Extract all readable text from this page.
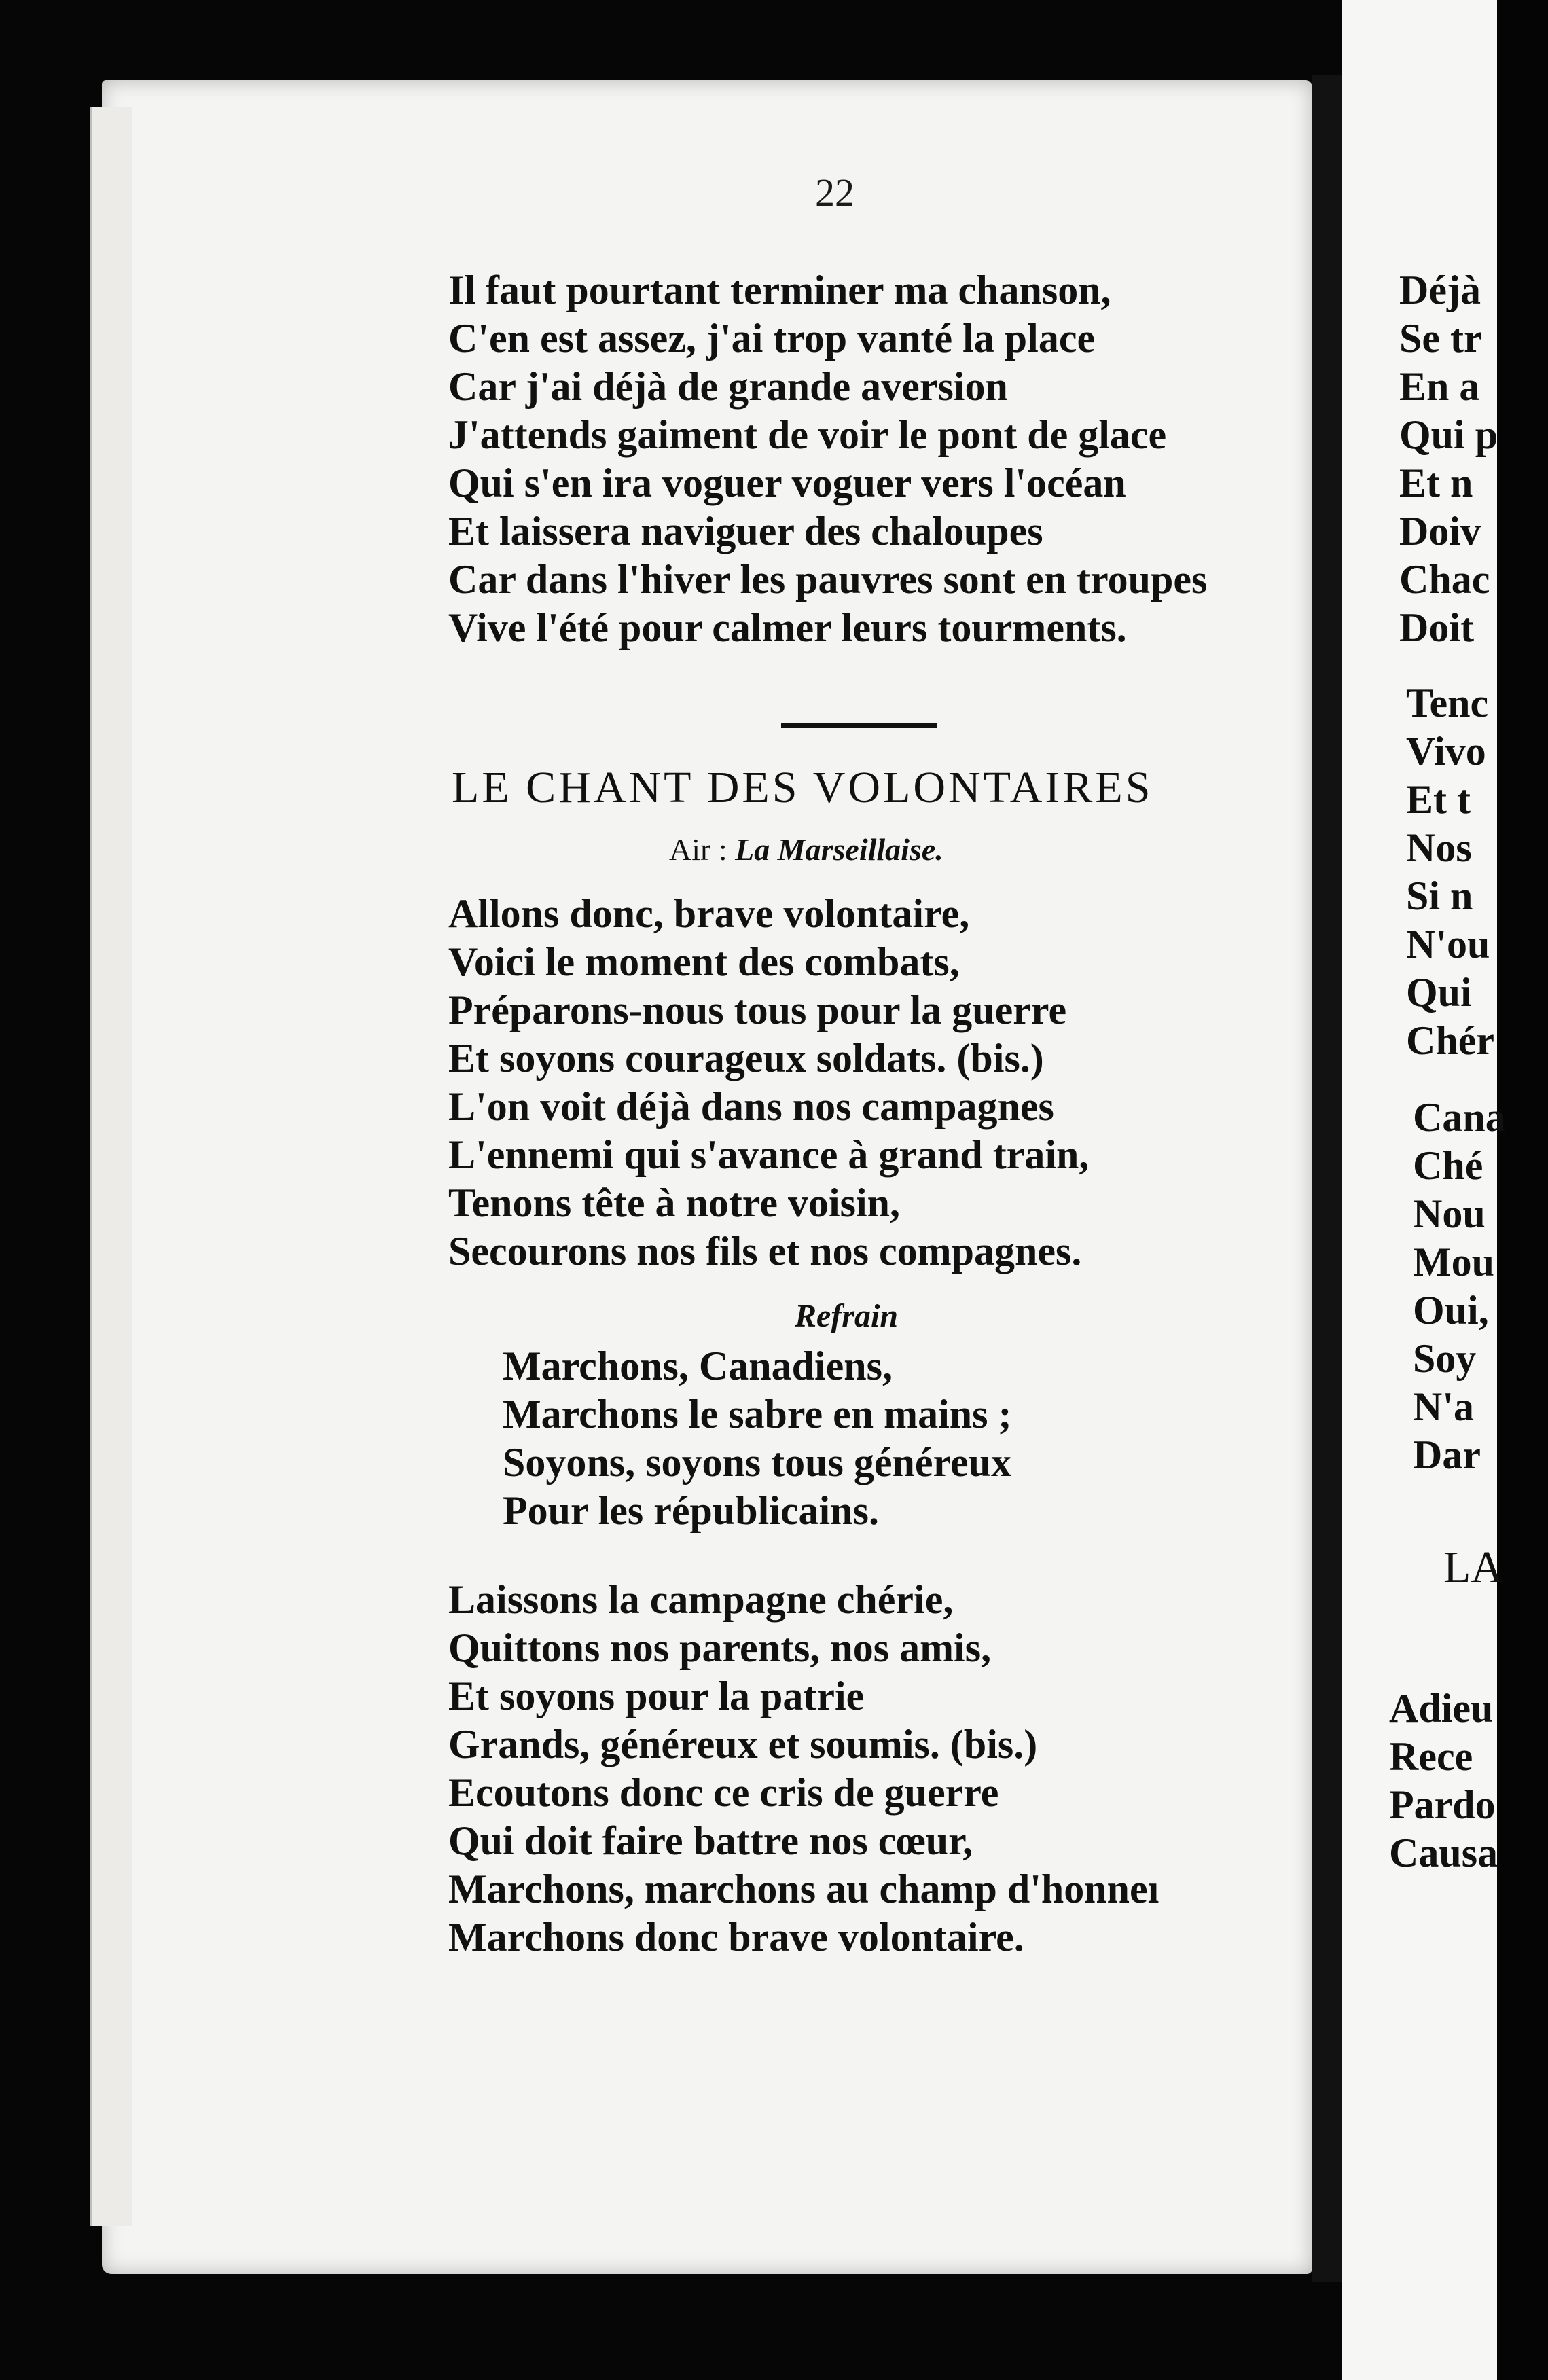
22
Il faut pourtant terminer ma chanson,
C'en est assez, j'ai trop vanté la place
Car j'ai déjà de grande aversion
J'attends gaiment de voir le pont de glace
Qui s'en ira voguer voguer vers l'océan
Et laissera naviguer des chaloupes
Car dans l'hiver les pauvres sont en troupes
Vive l'été pour calmer leurs tourments.
LE CHANT DES VOLONTAIRES
Air : La Marseillaise.
Allons donc, brave volontaire,
Voici le moment des combats,
Préparons-nous tous pour la guerre
Et soyons courageux soldats. (bis.)
L'on voit déjà dans nos campagnes
L'ennemi qui s'avance à grand train,
Tenons tête à notre voisin,
Secourons nos fils et nos compagnes.
Refrain
Marchons, Canadiens,
Marchons le sabre en mains ;
Soyons, soyons tous généreux
Pour les républicains.
Laissons la campagne chérie,
Quittons nos parents, nos amis,
Et soyons pour la patrie
Grands, généreux et soumis. (bis.)
Ecoutons donc ce cris de guerre
Qui doit faire battre nos cœur,
Marchons, marchons au champ d'honneı
Marchons donc brave volontaire.
Déjà
Se tr
En a
Qui p
Et n
Doiv
Chac
Doit
Tenc
Vivo
Et t
Nos
Si n
N'ou
Qui
Chér
Cana
Ché
Nou
Mou
Oui,
Soy
N'a
Dar
LA
Adieu
Rece
Pardo
Causa
